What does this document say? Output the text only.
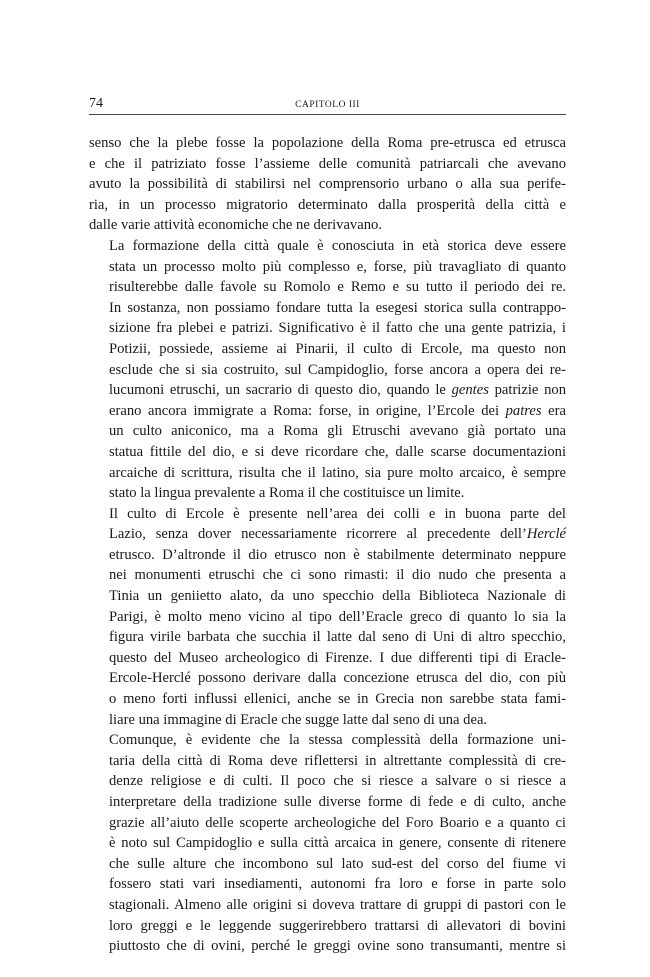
74	CAPITOLO III

senso che la plebe fosse la popolazione della Roma pre-etrusca ed etrusca
e che il patriziato fosse l’assieme delle comunità patriarcali che avevano
avuto la possibilità di stabilirsi nel comprensorio urbano o alla sua perife-
ria, in un processo migratorio determinato dalla prosperità della città e
dalle varie attività economiche che ne derivavano.

La formazione della città quale è conosciuta in età storica deve essere
stata un processo molto più complesso e, forse, più travagliato di quanto
risulterebbe dalle favole su Romolo e Remo e su tutto il periodo dei re.
In sostanza, non possiamo fondare tutta la esegesi storica sulla contrappo-
sizione fra plebei e patrizi. Significativo è il fatto che una gente patrizia, i
Potizii, possiede, assieme ai Pinarii, il culto di Ercole, ma questo non
esclude che si sia costruito, sul Campidoglio, forse ancora a opera dei re-
lucumoni etruschi, un sacrario di questo dio, quando le gentes patrizie non
erano ancora immigrate a Roma: forse, in origine, l’Ercole dei patres era
un culto aniconico, ma a Roma gli Etruschi avevano già portato una
statua fittile del dio, e si deve ricordare che, dalle scarse documentazioni
arcaiche di scrittura, risulta che il latino, sia pure molto arcaico, è sempre
stato la lingua prevalente a Roma il che costituisce un limite.

Il culto di Ercole è presente nell’area dei colli e in buona parte del
Lazio, senza dover necessariamente ricorrere al precedente dell’Herclé
etrusco. D’altronde il dio etrusco non è stabilmente determinato neppure
nei monumenti etruschi che ci sono rimasti: il dio nudo che presenta a
Tinia un geniietto alato, da uno specchio della Biblioteca Nazionale di
Parigi, è molto meno vicino al tipo dell’Eracle greco di quanto lo sia la
figura virile barbata che succhia il latte dal seno di Uni di altro specchio,
questo del Museo archeologico di Firenze. I due differenti tipi di Eracle-
Ercole-Herclé possono derivare dalla concezione etrusca del dio, con più
o meno forti influssi ellenici, anche se in Grecia non sarebbe stata fami-
liare una immagine di Eracle che sugge latte dal seno di una dea.

Comunque, è evidente che la stessa complessità della formazione uni-
taria della città di Roma deve riflettersi in altrettante complessità di cre-
denze religiose e di culti. Il poco che si riesce a salvare o si riesce a
interpretare della tradizione sulle diverse forme di fede e di culto, anche
grazie all’aiuto delle scoperte archeologiche del Foro Boario e a quanto ci
è noto sul Campidoglio e sulla città arcaica in genere, consente di ritenere
che sulle alture che incombono sul lato sud-est del corso del fiume vi
fossero stati vari insediamenti, autonomi fra loro e forse in parte solo
stagionali. Almeno alle origini si doveva trattare di gruppi di pastori con le
loro greggi e le leggende suggerirebbero trattarsi di allevatori di bovini
piuttosto che di ovini, perché le greggi ovine sono transumanti, mentre si
